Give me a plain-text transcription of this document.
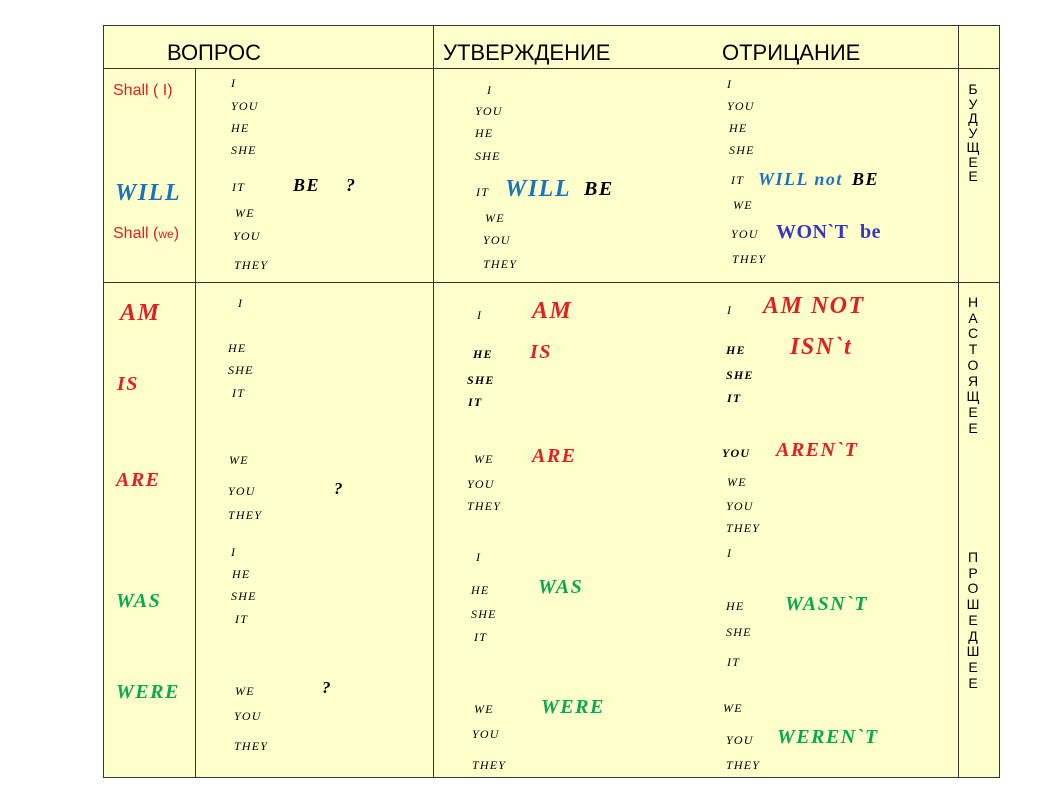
ВОПРОС	УТВЕРЖДЕНИЕ	ОТРИЦАНИЕ
БУДУЩЕЕ
НАСТОЯЩЕЕ
ПРОШЕДШЕЕ
Shall ( I)
WILL
Shall (we)
I
YOU
HE
SHE
IT
WE
YOU
THEY
BE ?
I
YOU
HE
SHE
IT
WE
YOU
THEY
WILL BE
I
YOU
HE
SHE
IT
WE
YOU
THEY
WILL not BE
WON`T be
AM
IS
ARE
I
HE
SHE
IT
WE
YOU
THEY
?
I
HE
SHE
IT
WE
YOU
THEY
AM
IS
ARE
I
HE
SHE
IT
YOU
WE
YOU
THEY
AM NOT
ISN`t
AREN`T
WAS
WERE
I
HE
SHE
IT
WE
YOU
THEY
?
I
HE
SHE
IT
WE
YOU
THEY
WAS
WERE
I
HE
SHE
IT
WE
YOU
THEY
WASN`T
WEREN`T
